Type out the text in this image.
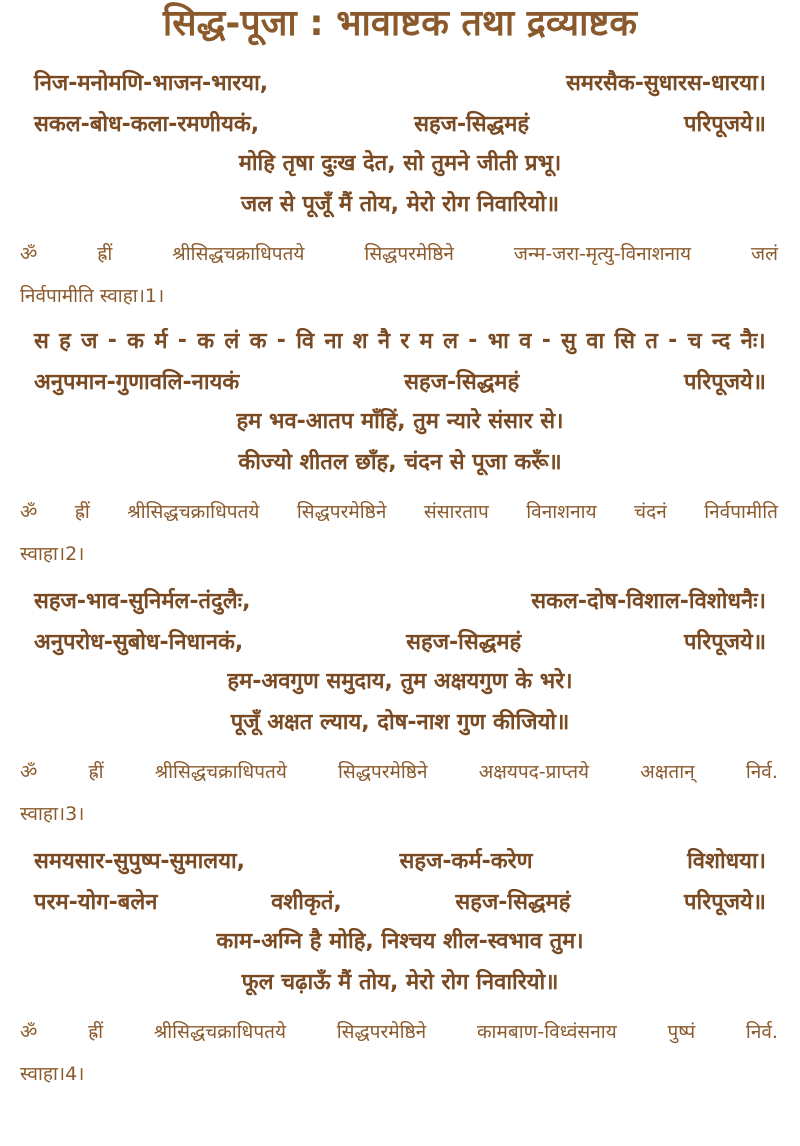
सिद्ध-पूजा : भावाष्टक तथा द्रव्याष्टक
निज-मनोमणि-भाजन-भारया,	समरसैक-सुधारस-धारया।
सकल-बोध-कला-रमणीयकं,	सहज-सिद्धमहं	परिपूजये॥
मोहि तृषा दुःख देत, सो तुमने जीती प्रभू।
जल से पूजूँ मैं तोय, मेरो रोग निवारियो॥
ॐ	ह्रीं	श्रीसिद्धचक्राधिपतये	सिद्धपरमेष्ठिने	जन्म-जरा-मृत्यु-विनाशनाय	जलं
निर्वपामीति स्वाहा।1।
स ह ज - क र्म - क लं क - वि ना श नै र म ल - भा व - सु वा सि त - च न्द नैः।
अनुपमान-गुणावलि-नायकं	सहज-सिद्धमहं	परिपूजये॥
हम भव-आतप माँहिं, तुम न्यारे संसार से।
कीज्यो शीतल छाँह, चंदन से पूजा करूँ॥
ॐ ह्रीं श्रीसिद्धचक्राधिपतये सिद्धपरमेष्ठिने संसारताप विनाशनाय चंदनं निर्वपामीति
स्वाहा।2।
सहज-भाव-सुनिर्मल-तंदुलैः,	सकल-दोष-विशाल-विशोधनैः।
अनुपरोध-सुबोध-निधानकं,	सहज-सिद्धमहं	परिपूजये॥
हम-अवगुण समुदाय, तुम अक्षयगुण के भरे।
पूजूँ अक्षत ल्याय, दोष-नाश गुण कीजियो॥
ॐ	ह्रीं	श्रीसिद्धचक्राधिपतये	सिद्धपरमेष्ठिने	अक्षयपद-प्राप्तये	अक्षतान्	निर्व.
स्वाहा।3।
समयसार-सुपुष्प-सुमालया,	सहज-कर्म-करेण	विशोधया।
परम-योग-बलेन	वशीकृतं,	सहज-सिद्धमहं	परिपूजये॥
काम-अग्नि है मोहि, निश्चय शील-स्वभाव तुम।
फूल चढ़ाऊँ मैं तोय, मेरो रोग निवारियो॥
ॐ	ह्रीं	श्रीसिद्धचक्राधिपतये	सिद्धपरमेष्ठिने	कामबाण-विध्वंसनाय	पुष्पं	निर्व.
स्वाहा।4।
